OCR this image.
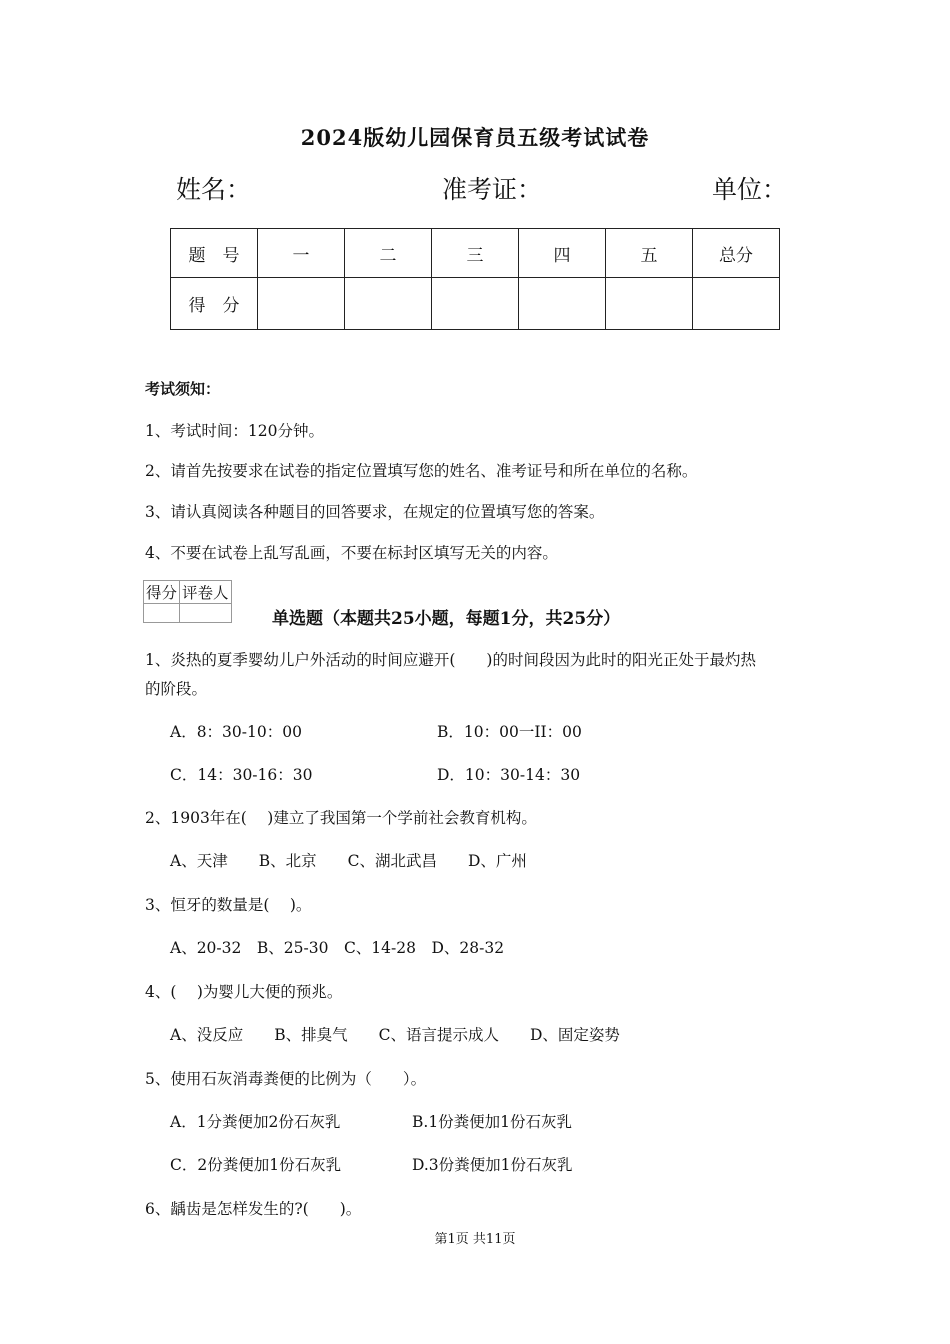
2024版幼儿园保育员五级考试试卷
姓名：	准考证：	单位：
题　号	一	二	三	四	五	总分
得　分						
考试须知：
1、考试时间：120分钟。
2、请首先按要求在试卷的指定位置填写您的姓名、准考证号和所在单位的名称。
3、请认真阅读各种题目的回答要求，在规定的位置填写您的答案。
4、不要在试卷上乱写乱画，不要在标封区填写无关的内容。
得分	评卷人

单选题（本题共25小题，每题1分，共25分）
1、炎热的夏季婴幼儿户外活动的时间应避开(　　)的时间段因为此时的阳光正处于最灼热
的阶段。
A．8：30-10：00	B．10：00一II：00
C．14：30-16：30	D．10：30-14：30
2、1903年在(　 )建立了我国第一个学前社会教育机构。
A、天津　　B、北京　　C、湖北武昌　　D、广州
3、恒牙的数量是(　 )。
A、20-32　B、25-30　C、14-28　D、28-32
4、(　 )为婴儿大便的预兆。
A、没反应　　B、排臭气　　C、语言提示成人　　D、固定姿势
5、使用石灰消毒粪便的比例为（　　）。
A．1分粪便加2份石灰乳	B.1份粪便加1份石灰乳
C．2份粪便加1份石灰乳	D.3份粪便加1份石灰乳
6、龋齿是怎样发生的?(　　)。
第1页 共11页
